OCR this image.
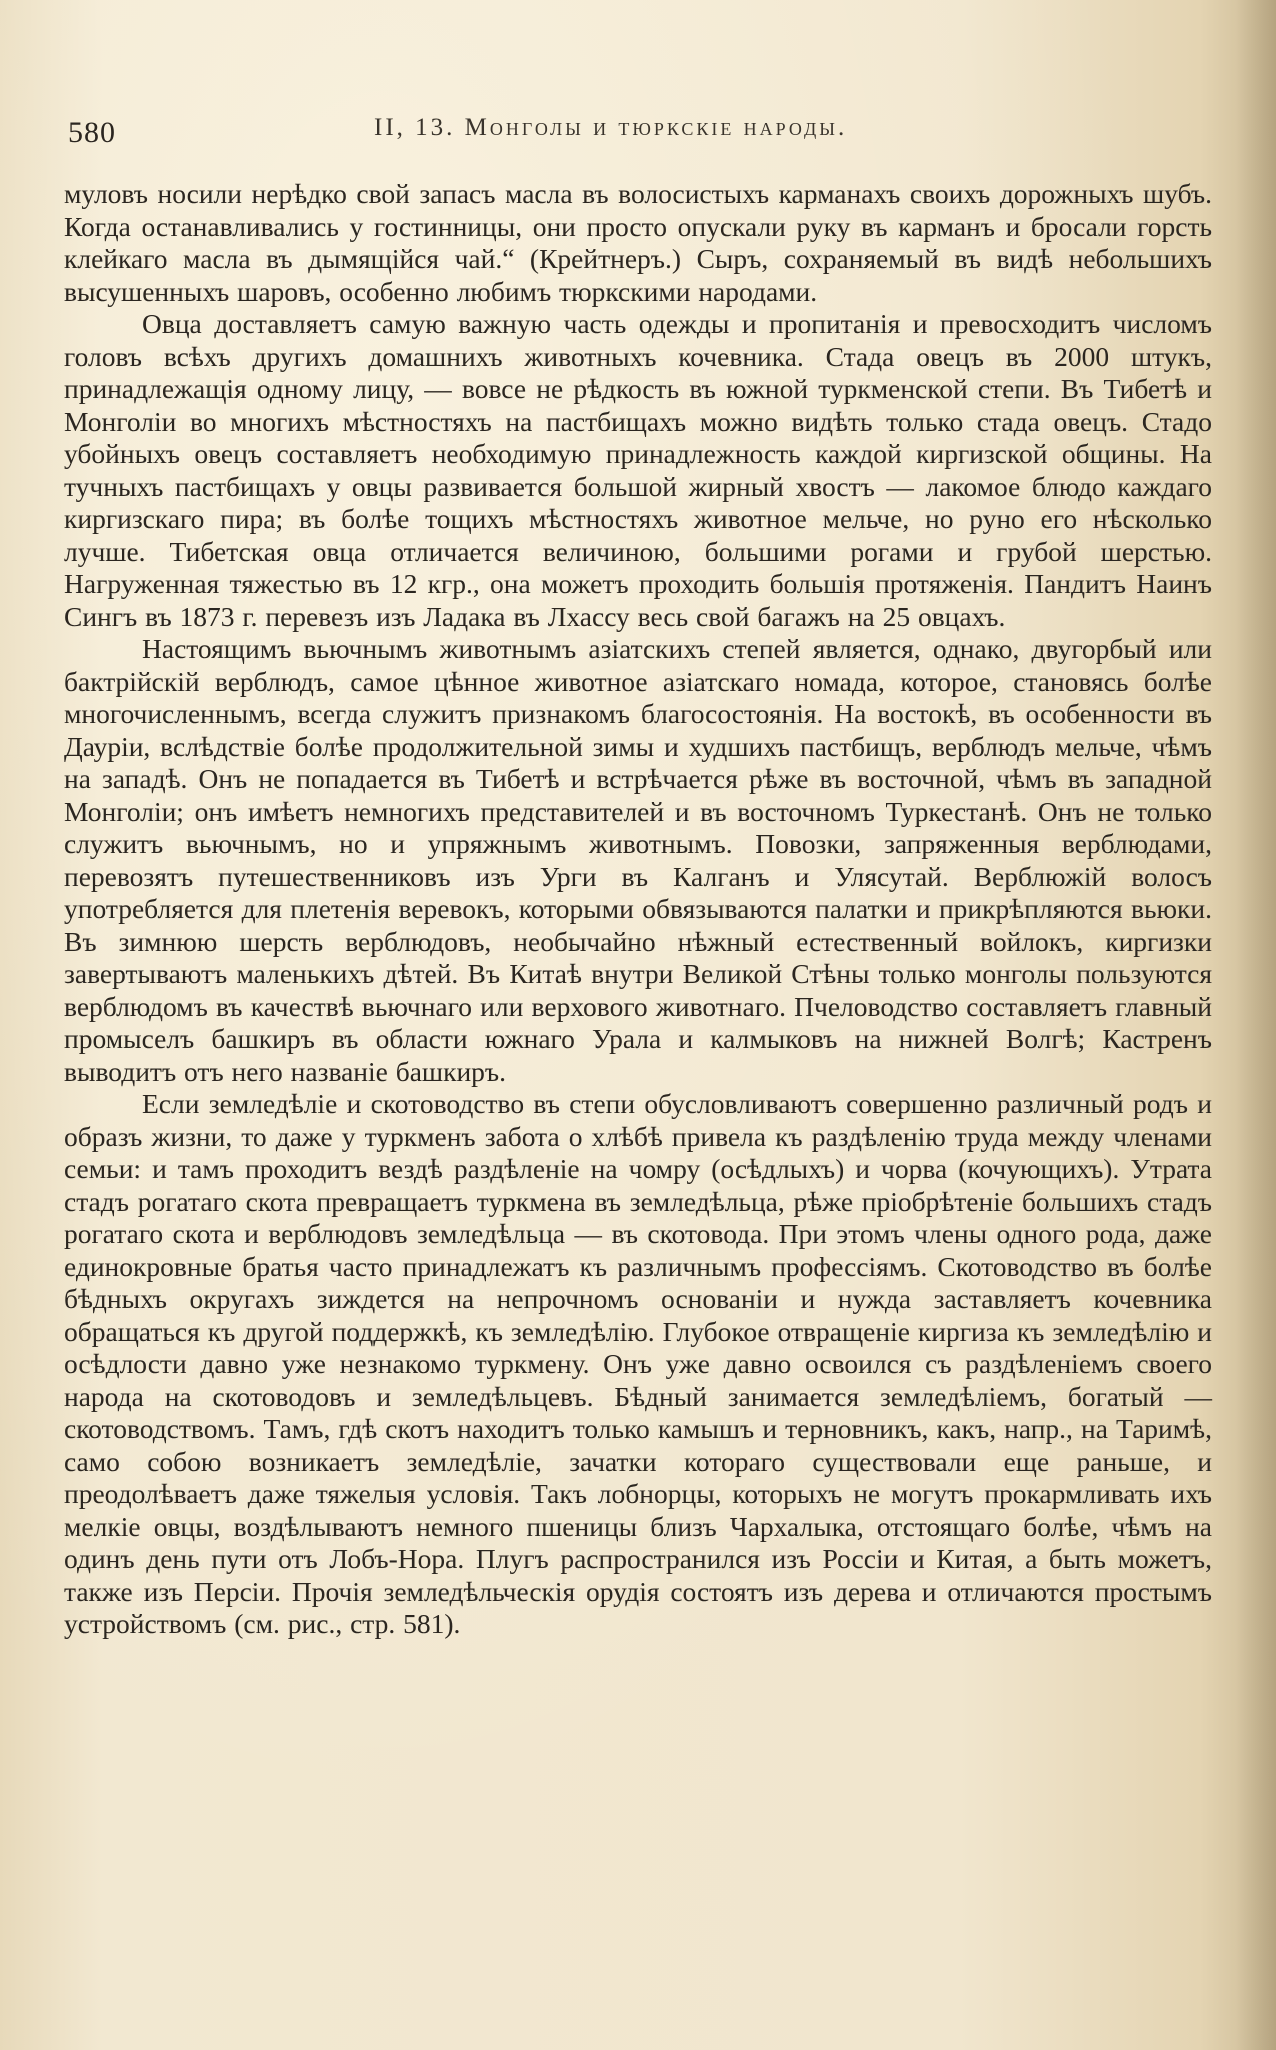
580	II, 13. Монголы и тюркскіе народы.

муловъ носили нерѣдко свой запасъ масла въ волосистыхъ карманахъ своихъ дорожныхъ шубъ. Когда останавливались у гостинницы, они просто опускали руку въ карманъ и бросали горсть клейкаго масла въ дымящійся чай.“ (Крейтнеръ.) Сыръ, сохраняемый въ видѣ небольшихъ высушенныхъ шаровъ, особенно любимъ тюркскими народами.

Овца доставляетъ самую важную часть одежды и пропитанія и превосходитъ числомъ головъ всѣхъ другихъ домашнихъ животныхъ кочевника. Стада овецъ въ 2000 штукъ, принадлежащія одному лицу, — вовсе не рѣдкость въ южной туркменской степи. Въ Тибетѣ и Монголіи во многихъ мѣстностяхъ на пастбищахъ можно видѣть только стада овецъ. Стадо убойныхъ овецъ составляетъ необходимую принадлежность каждой киргизской общины. На тучныхъ пастбищахъ у овцы развивается большой жирный хвостъ — лакомое блюдо каждаго киргизскаго пира; въ болѣе тощихъ мѣстностяхъ животное мельче, но руно его нѣсколько лучше. Тибетская овца отличается величиною, большими рогами и грубой шерстью. Нагруженная тяжестью въ 12 кгр., она можетъ проходить большія протяженія. Пандитъ Наинъ Сингъ въ 1873 г. перевезъ изъ Ладака въ Лхассу весь свой багажъ на 25 овцахъ.

Настоящимъ вьючнымъ животнымъ азіатскихъ степей является, однако, двугорбый или бактрійскій верблюдъ, самое цѣнное животное азіатскаго номада, которое, становясь болѣе многочисленнымъ, всегда служитъ признакомъ благосостоянія. На востокѣ, въ особенности въ Дауріи, вслѣдствіе болѣе продолжительной зимы и худшихъ пастбищъ, верблюдъ мельче, чѣмъ на западѣ. Онъ не попадается въ Тибетѣ и встрѣчается рѣже въ восточной, чѣмъ въ западной Монголіи; онъ имѣетъ немногихъ представителей и въ восточномъ Туркестанѣ. Онъ не только служитъ вьючнымъ, но и упряжнымъ животнымъ. Повозки, запряженныя верблюдами, перевозятъ путешественниковъ изъ Урги въ Калганъ и Улясутай. Верблюжій волосъ употребляется для плетенія веревокъ, которыми обвязываются палатки и прикрѣпляются вьюки. Въ зимнюю шерсть верблюдовъ, необычайно нѣжный естественный войлокъ, киргизки завертываютъ маленькихъ дѣтей. Въ Китаѣ внутри Великой Стѣны только монголы пользуются верблюдомъ въ качествѣ вьючнаго или верхового животнаго. Пчеловодство составляетъ главный промыселъ башкиръ въ области южнаго Урала и калмыковъ на нижней Волгѣ; Кастренъ выводитъ отъ него названіе башкиръ.

Если земледѣліе и скотоводство въ степи обусловливаютъ совершенно различный родъ и образъ жизни, то даже у туркменъ забота о хлѣбѣ привела къ раздѣленію труда между членами семьи: и тамъ проходитъ вездѣ раздѣленіе на чомру (осѣдлыхъ) и чорва (кочующихъ). Утрата стадъ рогатаго скота превращаетъ туркмена въ земледѣльца, рѣже пріобрѣтеніе большихъ стадъ рогатаго скота и верблюдовъ земледѣльца — въ скотовода. При этомъ члены одного рода, даже единокровные братья часто принадлежатъ къ различнымъ профессіямъ. Скотоводство въ болѣе бѣдныхъ округахъ зиждется на непрочномъ основаніи и нужда заставляетъ кочевника обращаться къ другой поддержкѣ, къ земледѣлію. Глубокое отвращеніе киргиза къ земледѣлію и осѣдлости давно уже незнакомо туркмену. Онъ уже давно освоился съ раздѣленіемъ своего народа на скотоводовъ и земледѣльцевъ. Бѣдный занимается земледѣліемъ, богатый — скотоводствомъ. Тамъ, гдѣ скотъ находитъ только камышъ и терновникъ, какъ, напр., на Таримѣ, само собою возникаетъ земледѣліе, зачатки котораго существовали еще раньше, и преодолѣваетъ даже тяжелыя условія. Такъ лобнорцы, которыхъ не могутъ прокармливать ихъ мелкіе овцы, воздѣлываютъ немного пшеницы близъ Чархалыка, отстоящаго болѣе, чѣмъ на одинъ день пути отъ Лобъ-Нора. Плугъ распространился изъ Россіи и Китая, а быть можетъ, также изъ Персіи. Прочія земледѣльческія орудія состоятъ изъ дерева и отличаются простымъ устройствомъ (см. рис., стр. 581).
